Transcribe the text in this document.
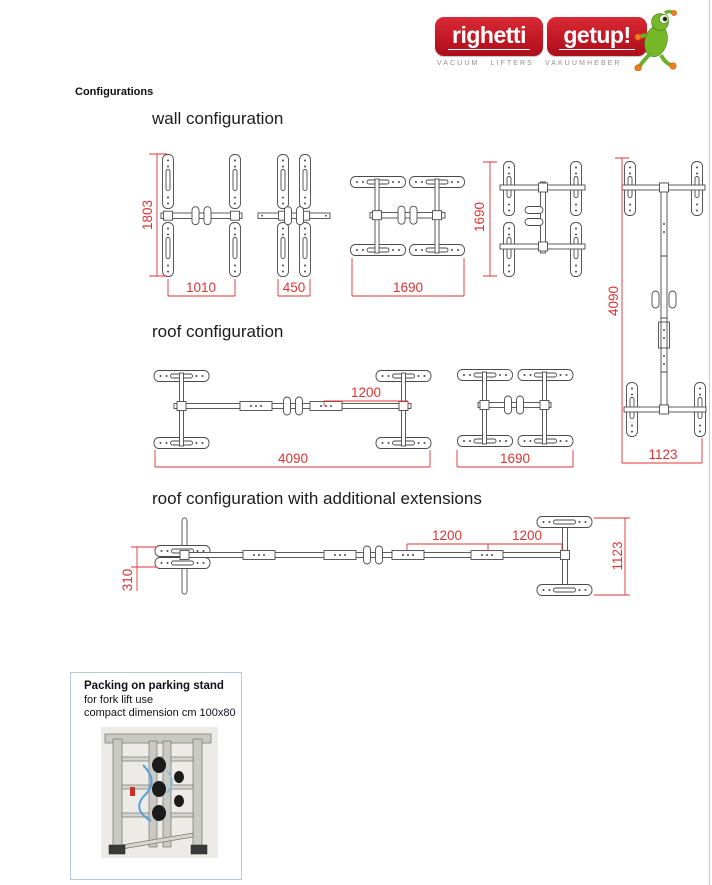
righetti	getup!
VACUUM LIFTERS VAKUUMHEBER
Configurations
wall configuration
roof configuration
roof configuration with additional extensions
1803
1010	450	1690
1690
4090
1123
1200
4090	1690
310
1200	1200
1123
Packing on parking stand
for fork lift use
compact dimension cm 100x80
